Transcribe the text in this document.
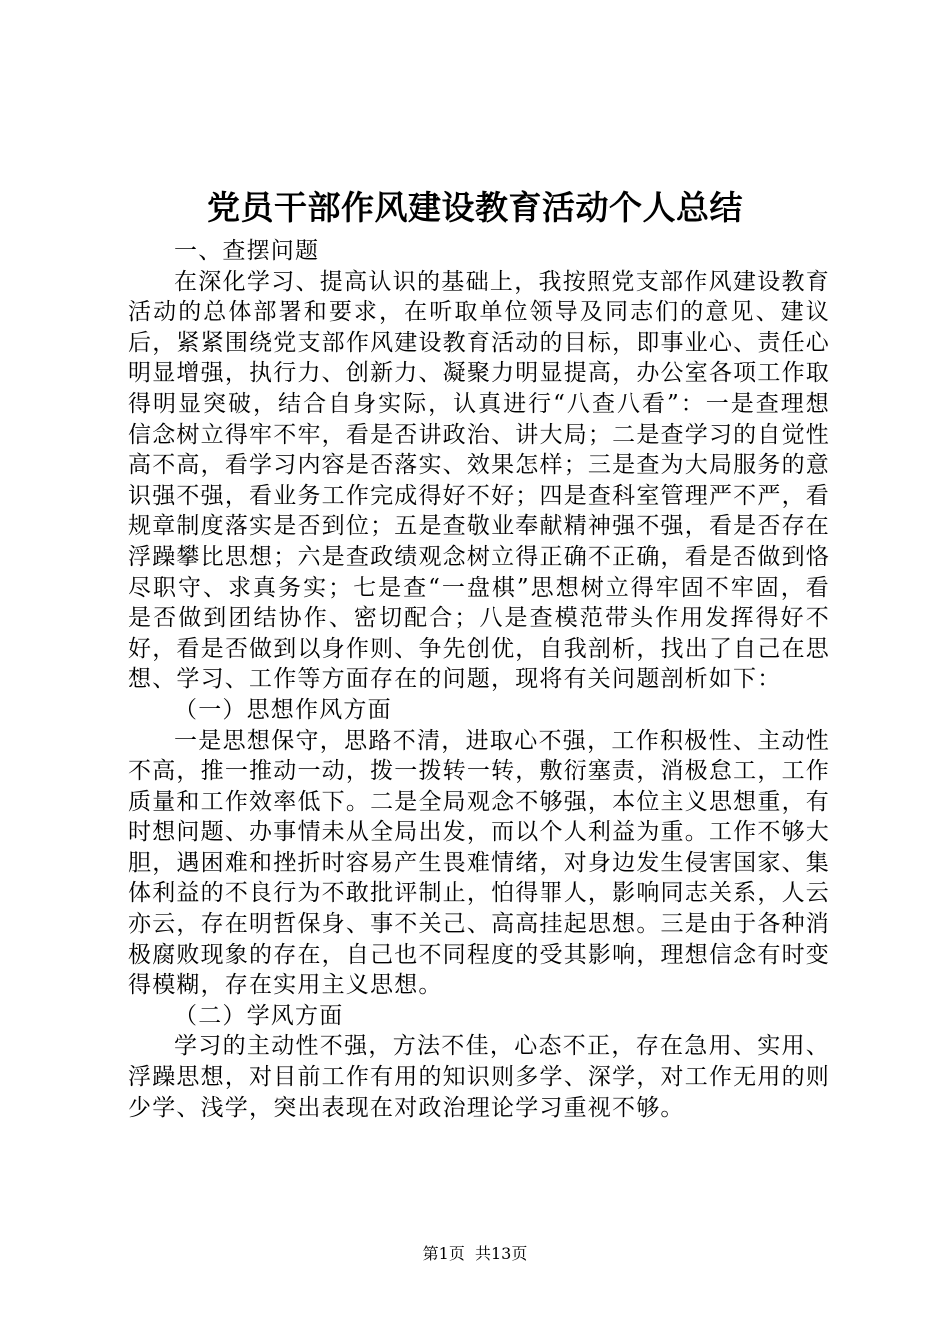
党员干部作风建设教育活动个人总结

一、查摆问题

在深化学习、提高认识的基础上，我按照党支部作风建设教育活动的总体部署和要求，在听取单位领导及同志们的意见、建议后，紧紧围绕党支部作风建设教育活动的目标，即事业心、责任心明显增强，执行力、创新力、凝聚力明显提高，办公室各项工作取得明显突破，结合自身实际，认真进行“八查八看”：一是查理想信念树立得牢不牢，看是否讲政治、讲大局；二是查学习的自觉性高不高，看学习内容是否落实、效果怎样；三是查为大局服务的意识强不强，看业务工作完成得好不好；四是查科室管理严不严，看规章制度落实是否到位；五是查敬业奉献精神强不强，看是否存在浮躁攀比思想；六是查政绩观念树立得正确不正确，看是否做到恪尽职守、求真务实；七是查“一盘棋”思想树立得牢固不牢固，看是否做到团结协作、密切配合；八是查模范带头作用发挥得好不好，看是否做到以身作则、争先创优，自我剖析，找出了自己在思想、学习、工作等方面存在的问题，现将有关问题剖析如下：

（一）思想作风方面

一是思想保守，思路不清，进取心不强，工作积极性、主动性不高，推一推动一动，拨一拨转一转，敷衍塞责，消极怠工，工作质量和工作效率低下。二是全局观念不够强，本位主义思想重，有时想问题、办事情未从全局出发，而以个人利益为重。工作不够大胆，遇困难和挫折时容易产生畏难情绪，对身边发生侵害国家、集体利益的不良行为不敢批评制止，怕得罪人，影响同志关系，人云亦云，存在明哲保身、事不关己、高高挂起思想。三是由于各种消极腐败现象的存在，自己也不同程度的受其影响，理想信念有时变得模糊，存在实用主义思想。

（二）学风方面

学习的主动性不强，方法不佳，心态不正，存在急用、实用、浮躁思想，对目前工作有用的知识则多学、深学，对工作无用的则少学、浅学，突出表现在对政治理论学习重视不够。

第1页  共13页
